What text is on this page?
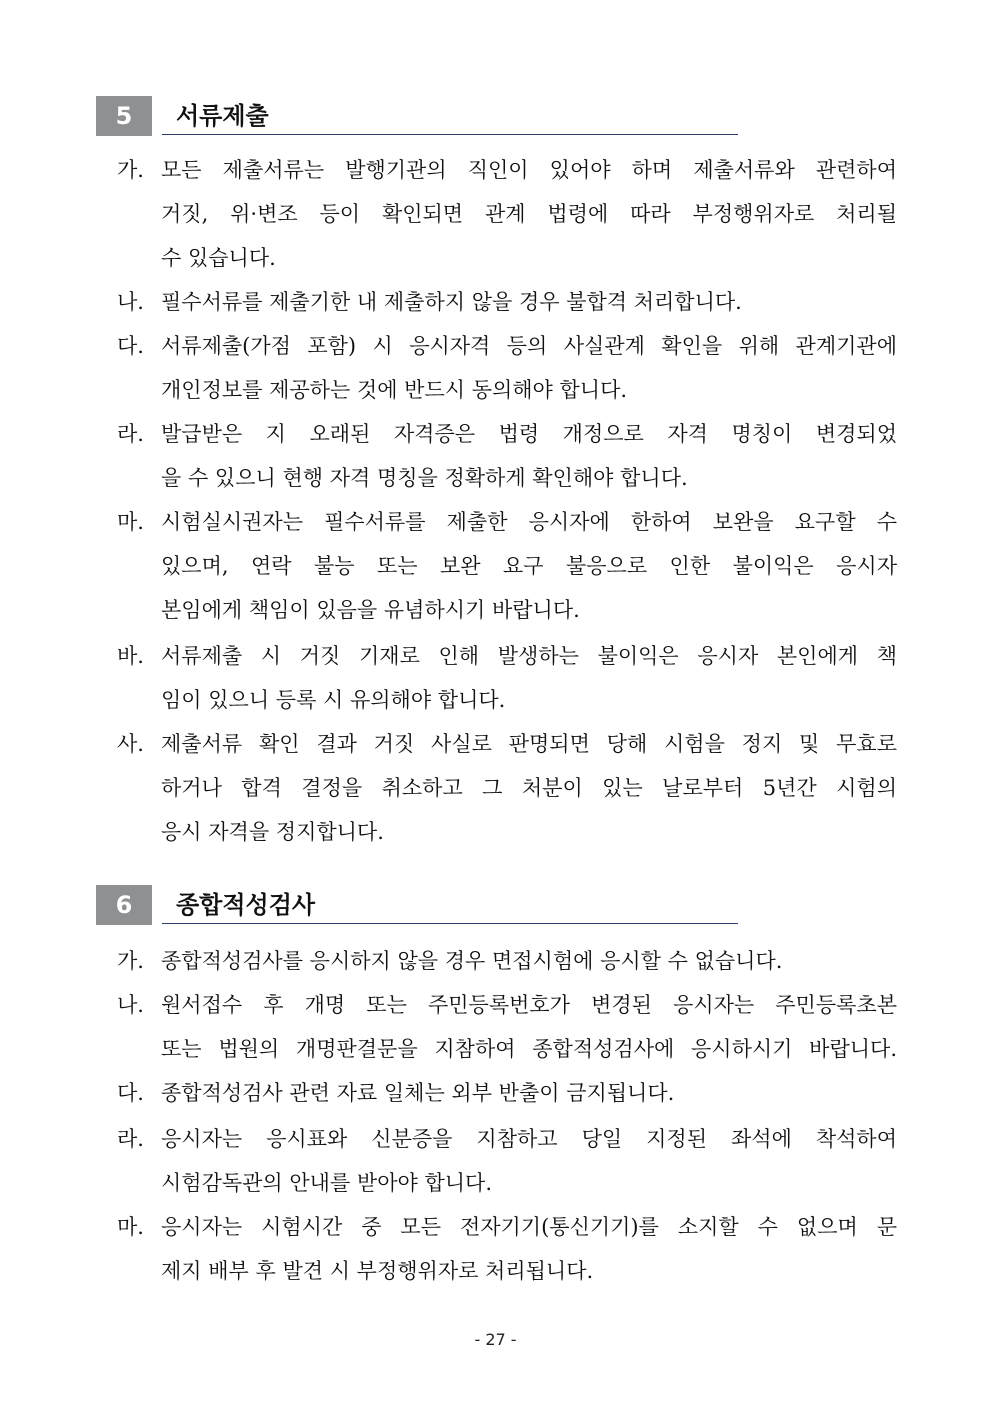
5	서류제출
가. 모든 제출서류는 발행기관의 직인이 있어야 하며 제출서류와 관련하여
거짓, 위·변조 등이 확인되면 관계 법령에 따라 부정행위자로 처리될
수 있습니다.
나. 필수서류를 제출기한 내 제출하지 않을 경우 불합격 처리합니다.
다. 서류제출(가점 포함) 시 응시자격 등의 사실관계 확인을 위해 관계기관에
개인정보를 제공하는 것에 반드시 동의해야 합니다.
라. 발급받은 지 오래된 자격증은 법령 개정으로 자격 명칭이 변경되었
을 수 있으니 현행 자격 명칭을 정확하게 확인해야 합니다.
마. 시험실시권자는 필수서류를 제출한 응시자에 한하여 보완을 요구할 수
있으며, 연락 불능 또는 보완 요구 불응으로 인한 불이익은 응시자
본임에게 책임이 있음을 유념하시기 바랍니다.
바. 서류제출 시 거짓 기재로 인해 발생하는 불이익은 응시자 본인에게 책
임이 있으니 등록 시 유의해야 합니다.
사. 제출서류 확인 결과 거짓 사실로 판명되면 당해 시험을 정지 및 무효로
하거나 합격 결정을 취소하고 그 처분이 있는 날로부터 5년간 시험의
응시 자격을 정지합니다.
6	종합적성검사
가. 종합적성검사를 응시하지 않을 경우 면접시험에 응시할 수 없습니다.
나. 원서접수 후 개명 또는 주민등록번호가 변경된 응시자는 주민등록초본
또는 법원의 개명판결문을 지참하여 종합적성검사에 응시하시기 바랍니다.
다. 종합적성검사 관련 자료 일체는 외부 반출이 금지됩니다.
라. 응시자는 응시표와 신분증을 지참하고 당일 지정된 좌석에 착석하여
시험감독관의 안내를 받아야 합니다.
마. 응시자는 시험시간 중 모든 전자기기(통신기기)를 소지할 수 없으며 문
제지 배부 후 발견 시 부정행위자로 처리됩니다.
- 27 -
